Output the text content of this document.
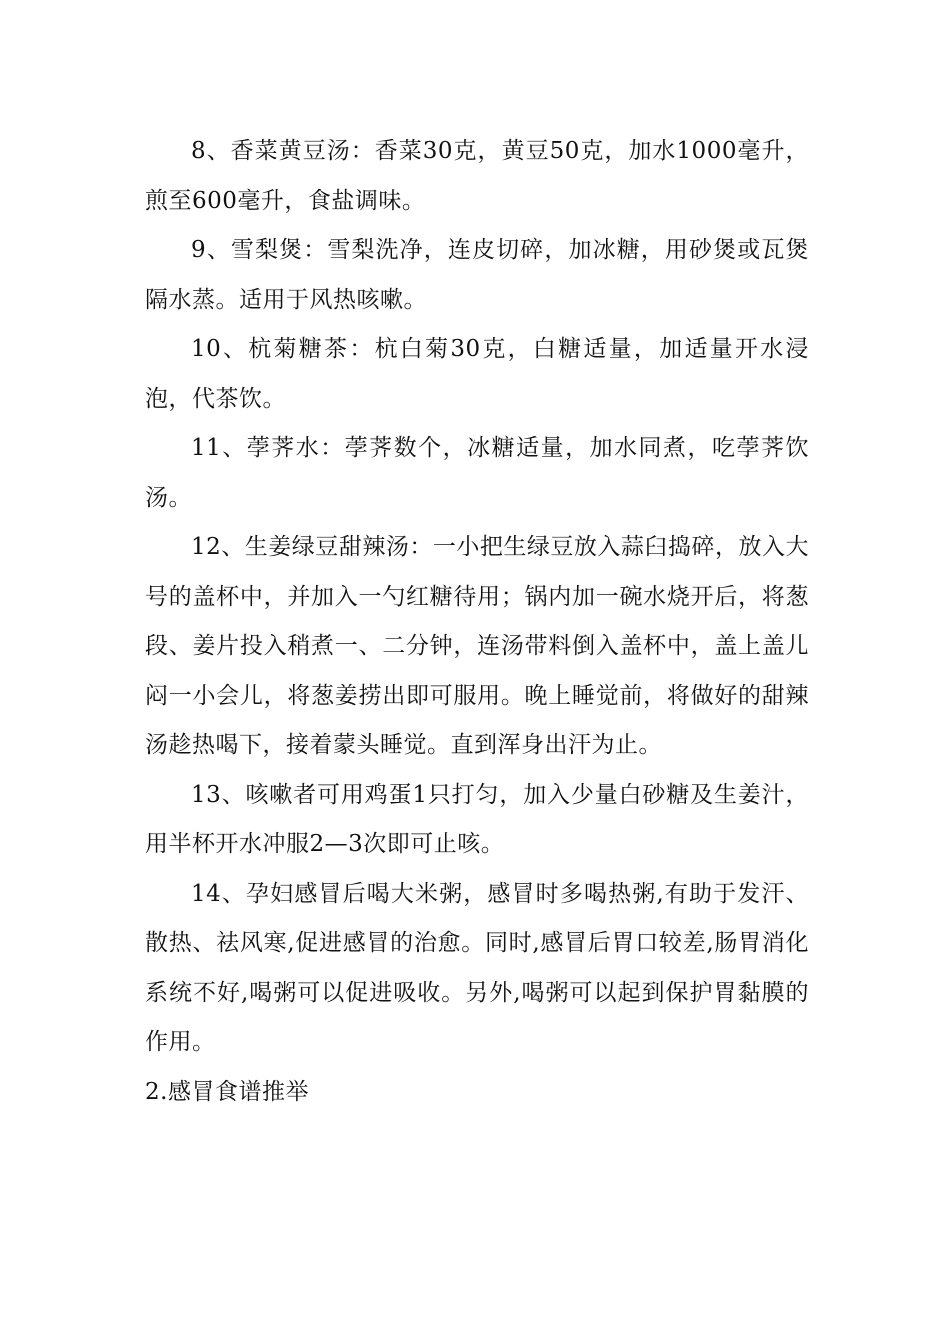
8、香菜黄豆汤：香菜30克，黄豆50克，加水1000毫升，煎至600毫升，食盐调味。

9、雪梨煲：雪梨洗净，连皮切碎，加冰糖，用砂煲或瓦煲隔水蒸。适用于风热咳嗽。

10、杭菊糖茶：杭白菊30克，白糖适量，加适量开水浸泡，代茶饮。

11、荸荠水：荸荠数个，冰糖适量，加水同煮，吃荸荠饮汤。

12、生姜绿豆甜辣汤：一小把生绿豆放入蒜臼捣碎，放入大号的盖杯中，并加入一勺红糖待用；锅内加一碗水烧开后，将葱段、姜片投入稍煮一、二分钟，连汤带料倒入盖杯中，盖上盖儿闷一小会儿，将葱姜捞出即可服用。晚上睡觉前，将做好的甜辣汤趁热喝下，接着蒙头睡觉。直到浑身出汗为止。

13、咳嗽者可用鸡蛋1只打匀，加入少量白砂糖及生姜汁，用半杯开水冲服2—3次即可止咳。

14、孕妇感冒后喝大米粥，感冒时多喝热粥,有助于发汗、散热、祛风寒,促进感冒的治愈。同时,感冒后胃口较差,肠胃消化系统不好,喝粥可以促进吸收。另外,喝粥可以起到保护胃黏膜的作用。

2.感冒食谱推举
